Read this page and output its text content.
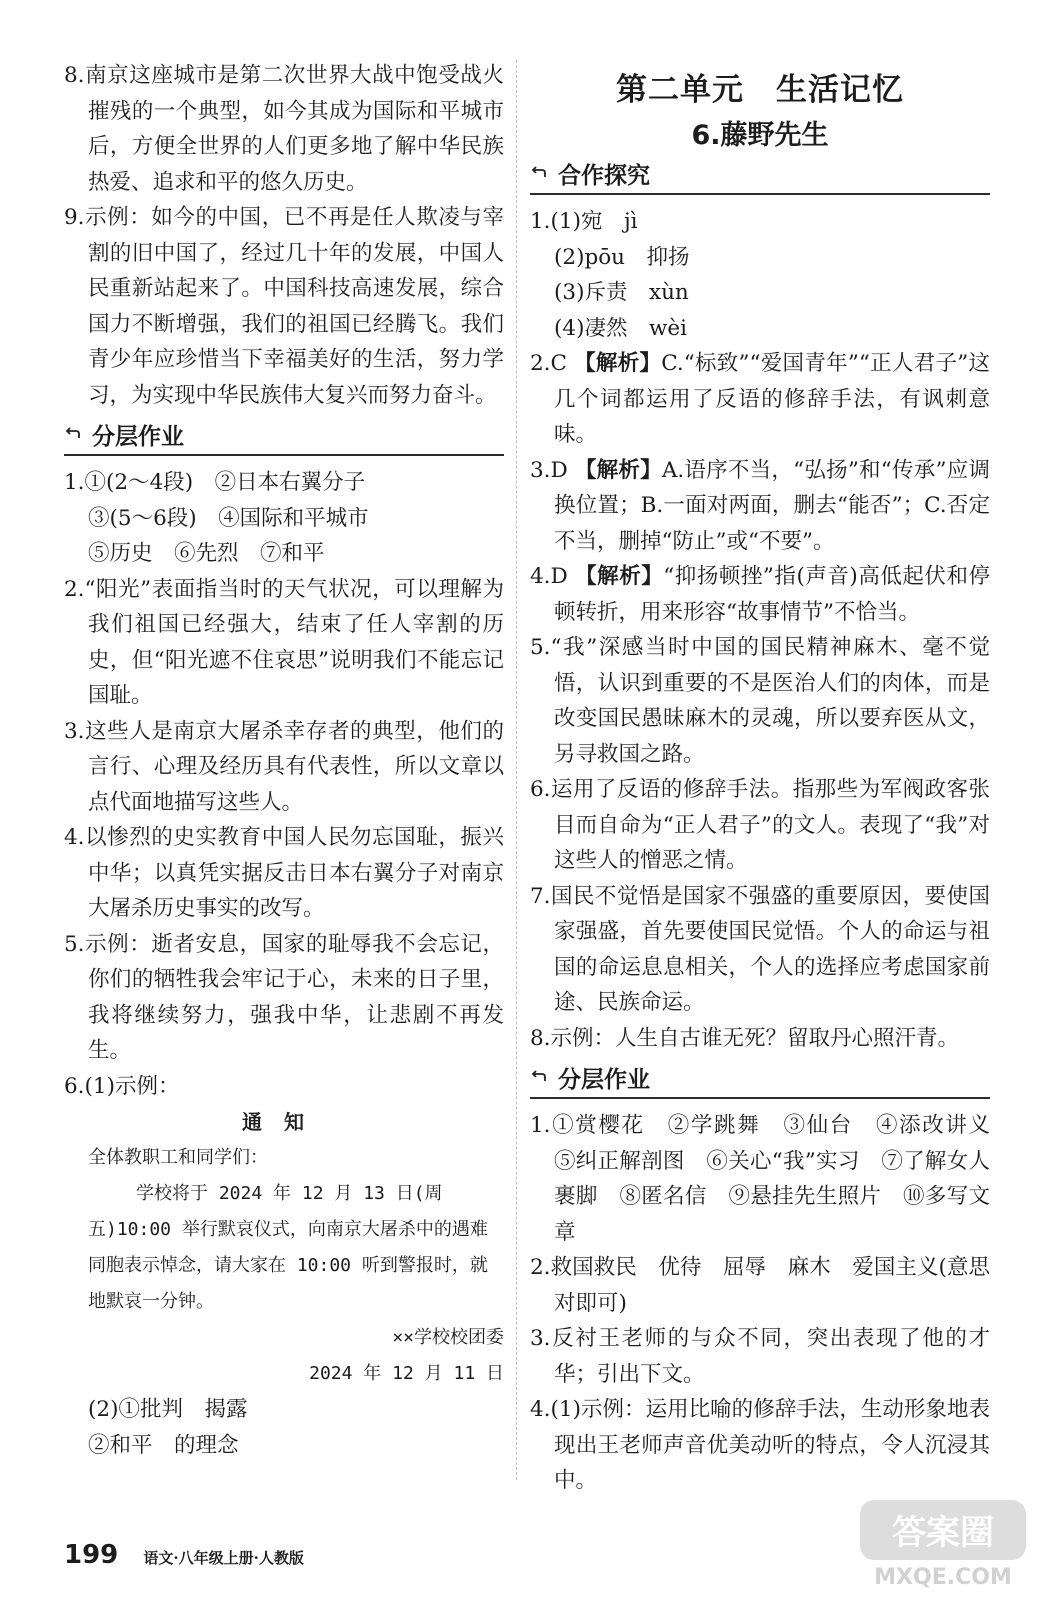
8.南京这座城市是第二次世界大战中饱受战火摧残的一个典型，如今其成为国际和平城市后，方便全世界的人们更多地了解中华民族热爱、追求和平的悠久历史。

9.示例：如今的中国，已不再是任人欺凌与宰割的旧中国了，经过几十年的发展，中国人民重新站起来了。中国科技高速发展，综合国力不断增强，我们的祖国已经腾飞。我们青少年应珍惜当下幸福美好的生活，努力学习，为实现中华民族伟大复兴而努力奋斗。

分层作业

1.①(2～4段)　②日本右翼分子

③(5～6段)　④国际和平城市

⑤历史　⑥先烈　⑦和平

2.“阳光”表面指当时的天气状况，可以理解为我们祖国已经强大，结束了任人宰割的历史，但“阳光遮不住哀思”说明我们不能忘记国耻。

3.这些人是南京大屠杀幸存者的典型，他们的言行、心理及经历具有代表性，所以文章以点代面地描写这些人。

4.以惨烈的史实教育中国人民勿忘国耻，振兴中华；以真凭实据反击日本右翼分子对南京大屠杀历史事实的改写。

5.示例：逝者安息，国家的耻辱我不会忘记，你们的牺牲我会牢记于心，未来的日子里，我将继续努力，强我中华，让悲剧不再发生。

6.(1)示例：

通知

全体教职工和同学们：

学校将于 2024 年 12 月 13 日(周五)10:00 举行默哀仪式，向南京大屠杀中的遇难同胞表示悼念，请大家在 10:00 听到警报时，就地默哀一分钟。

××学校校团委

2024 年 12 月 11 日

(2)①批判　揭露

②和平　的理念

第二单元　生活记忆
6.藤野先生
合作探究

1.(1)宛　jì

(2)pōu　抑扬

(3)斥责　xùn

(4)凄然　wèi

2.C 【解析】C.“标致”“爱国青年”“正人君子”这几个词都运用了反语的修辞手法，有讽刺意味。

3.D 【解析】A.语序不当，“弘扬”和“传承”应调换位置；B.一面对两面，删去“能否”；C.否定不当，删掉“防止”或“不要”。

4.D 【解析】“抑扬顿挫”指(声音)高低起伏和停顿转折，用来形容“故事情节”不恰当。

5.“我”深感当时中国的国民精神麻木、毫不觉悟，认识到重要的不是医治人们的肉体，而是改变国民愚昧麻木的灵魂，所以要弃医从文，另寻救国之路。

6.运用了反语的修辞手法。指那些为军阀政客张目而自命为“正人君子”的文人。表现了“我”对这些人的憎恶之情。

7.国民不觉悟是国家不强盛的重要原因，要使国家强盛，首先要使国民觉悟。个人的命运与祖国的命运息息相关，个人的选择应考虑国家前途、民族命运。

8.示例：人生自古谁无死？留取丹心照汗青。

分层作业

1.①赏樱花　②学跳舞　③仙台　④添改讲义　⑤纠正解剖图　⑥关心“我”实习　⑦了解女人裹脚　⑧匿名信　⑨悬挂先生照片　⑩多写文章

2.救国救民　优待　屈辱　麻木　爱国主义(意思对即可)

3.反衬王老师的与众不同，突出表现了他的才华；引出下文。

4.(1)示例：运用比喻的修辞手法，生动形象地表现出王老师声音优美动听的特点，令人沉浸其中。

199 语文·八年级上册·人教版
答案圈
MXQE.COM
